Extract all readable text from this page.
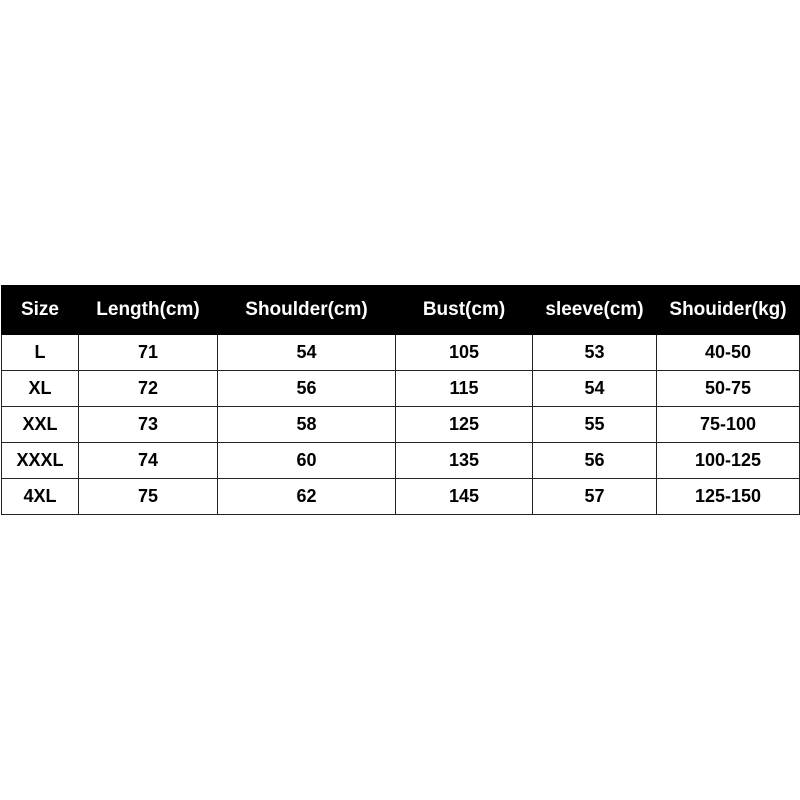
Size	Length(cm)	Shoulder(cm)	Bust(cm)	sleeve(cm)	Shouider(kg)
L	71	54	105	53	40-50
XL	72	56	115	54	50-75
XXL	73	58	125	55	75-100
XXXL	74	60	135	56	100-125
4XL	75	62	145	57	125-150
